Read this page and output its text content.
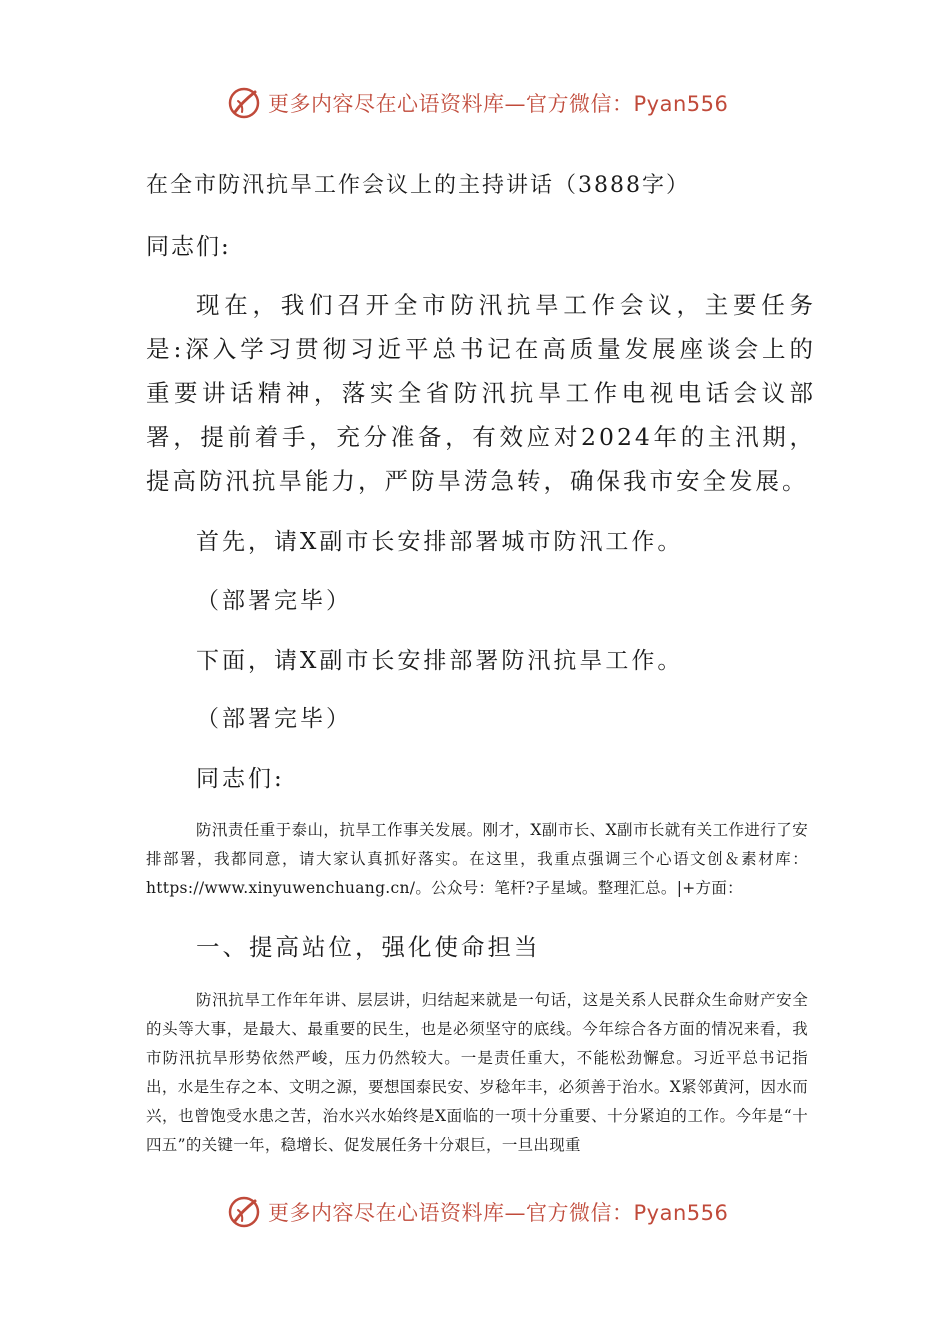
更多内容尽在心语资料库—官方微信：Pyan556
在全市防汛抗旱工作会议上的主持讲话（3888字）
同志们:
现在，我们召开全市防汛抗旱工作会议，主要任务是:深入学习贯彻习近平总书记在高质量发展座谈会上的重要讲话精神，落实全省防汛抗旱工作电视电话会议部署，提前着手，充分准备，有效应对2024年的主汛期，提高防汛抗旱能力，严防旱涝急转，确保我市安全发展。
首先，请X副市长安排部署城市防汛工作。
（部署完毕）
下面，请X副市长安排部署防汛抗旱工作。
（部署完毕）
同志们:
防汛责任重于泰山，抗旱工作事关发展。刚才，X副市长、X副市长就有关工作进行了安排部署，我都同意，请大家认真抓好落实。在这里，我重点强调三个心语文创＆素材库：https://www.xinyuwenchuang.cn/。公众号：笔杆?子星域。整理汇总。|+方面：
一、提高站位，强化使命担当
防汛抗旱工作年年讲、层层讲，归结起来就是一句话，这是关系人民群众生命财产安全的头等大事，是最大、最重要的民生，也是必须坚守的底线。今年综合各方面的情况来看，我市防汛抗旱形势依然严峻，压力仍然较大。一是责任重大，不能松劲懈怠。习近平总书记指出，水是生存之本、文明之源，要想国泰民安、岁稔年丰，必须善于治水。X紧邻黄河，因水而兴，也曾饱受水患之苦，治水兴水始终是X面临的一项十分重要、十分紧迫的工作。今年是“十四五”的关键一年，稳增长、促发展任务十分艰巨，一旦出现重
更多内容尽在心语资料库—官方微信：Pyan556
